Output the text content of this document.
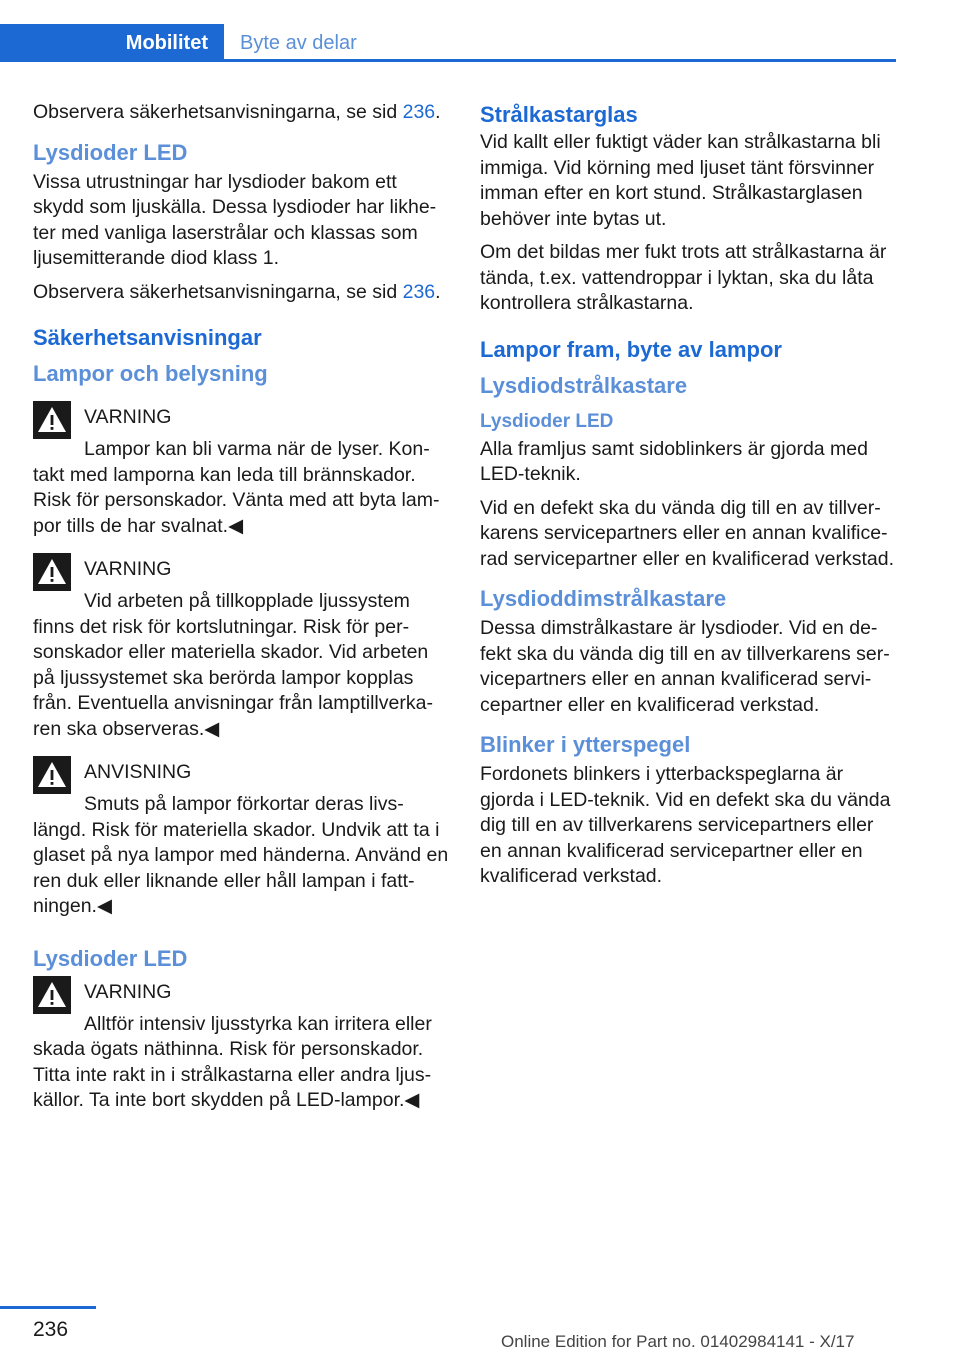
Mobilitet	Byte av delar

Observera säkerhetsanvisningarna, se sid 236.

Lysdioder LED

Vissa utrustningar har lysdioder bakom ett skydd som ljuskälla. Dessa lysdioder har likheter med vanliga laserstrålar och klassas som ljusemitterande diod klass 1.

Observera säkerhetsanvisningarna, se sid 236.

Säkerhetsanvisningar
Lampor och belysning
VARNING

Lampor kan bli varma när de lyser. Kontakt med lamporna kan leda till brännskador. Risk för personskador. Vänta med att byta lampor tills de har svalnat.◀

VARNING

Vid arbeten på tillkopplade ljussystem finns det risk för kortslutningar. Risk för personskador eller materiella skador. Vid arbeten på ljussystemet ska berörda lampor kopplas från. Eventuella anvisningar från lamptillverkaren ska observeras.◀

ANVISNING

Smuts på lampor förkortar deras livslängd. Risk för materiella skador. Undvik att ta i glaset på nya lampor med händerna. Använd en ren duk eller liknande eller håll lampan i fattningen.◀

Lysdioder LED
VARNING

Alltför intensiv ljusstyrka kan irritera eller skada ögats näthinna. Risk för personskador. Titta inte rakt in i strålkastarna eller andra ljuskällor. Ta inte bort skydden på LED-lampor.◀

Strålkastarglas

Vid kallt eller fuktigt väder kan strålkastarna bli immiga. Vid körning med ljuset tänt försvinner imman efter en kort stund. Strålkastarglasen behöver inte bytas ut.

Om det bildas mer fukt trots att strålkastarna är tända, t.ex. vattendroppar i lyktan, ska du låta kontrollera strålkastarna.

Lampor fram, byte av lampor
Lysdiodstrålkastare
Lysdioder LED

Alla framljus samt sidoblinkers är gjorda med LED-teknik.

Vid en defekt ska du vända dig till en av tillverkarens servicepartners eller en annan kvalificerad servicepartner eller en kvalificerad verkstad.

Lysdioddimstrålkastare

Dessa dimstrålkastare är lysdioder. Vid en defekt ska du vända dig till en av tillverkarens servicepartners eller en annan kvalificerad servicepartner eller en kvalificerad verkstad.

Blinker i ytterspegel

Fordonets blinkers i ytterbackspeglarna är gjorda i LED-teknik. Vid en defekt ska du vända dig till en av tillverkarens servicepartners eller en annan kvalificerad servicepartner eller en kvalificerad verkstad.

236
Online Edition for Part no. 01402984141 - X/17
